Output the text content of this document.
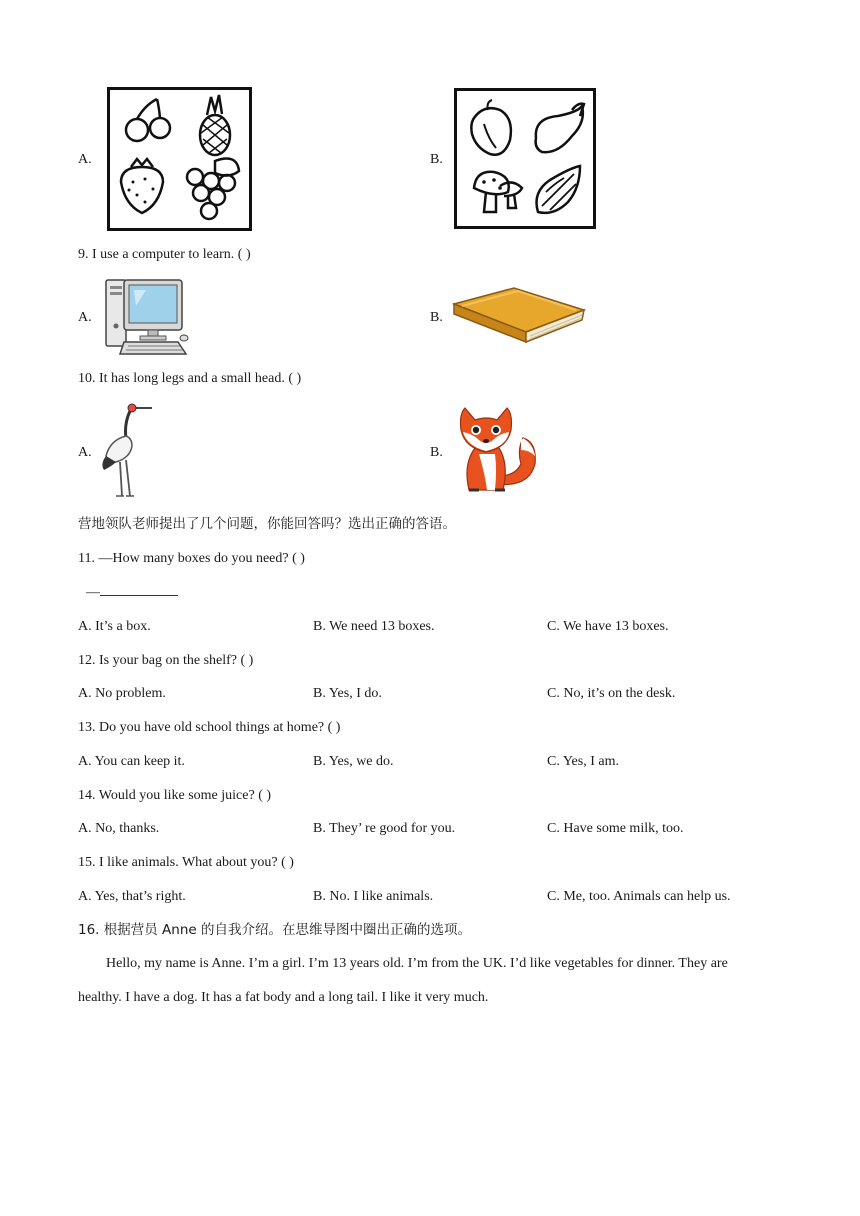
A.	B.
9. I use a computer to learn. ( )
A.	B.
10. It has long legs and a small head. ( )
A.	B.
营地领队老师提出了几个问题，你能回答吗？选出正确的答语。
11. —How many boxes do you need? ( )
—
A. It’s a box.	B. We need 13 boxes.	C. We have 13 boxes.
12. Is your bag on the shelf? ( )
A. No problem.	B. Yes, I do.	C. No, it’s on the desk.
13. Do you have old school things at home? ( )
A. You can keep it.	B. Yes, we do.	C. Yes, I am.
14. Would you like some juice? ( )
A. No, thanks.	B. They’ re good for you.	C. Have some milk, too.
15. I like animals. What about you? ( )
A. Yes, that’s right.	B. No. I like animals.	C. Me, too. Animals can help us.
16. 根据营员 Anne 的自我介绍。在思维导图中圈出正确的选项。
Hello, my name is Anne. I’m a girl. I’m 13 years old. I’m from the UK. I’d like vegetables for dinner. They are healthy. I have a dog. It has a fat body and a long tail. I like it very much.
